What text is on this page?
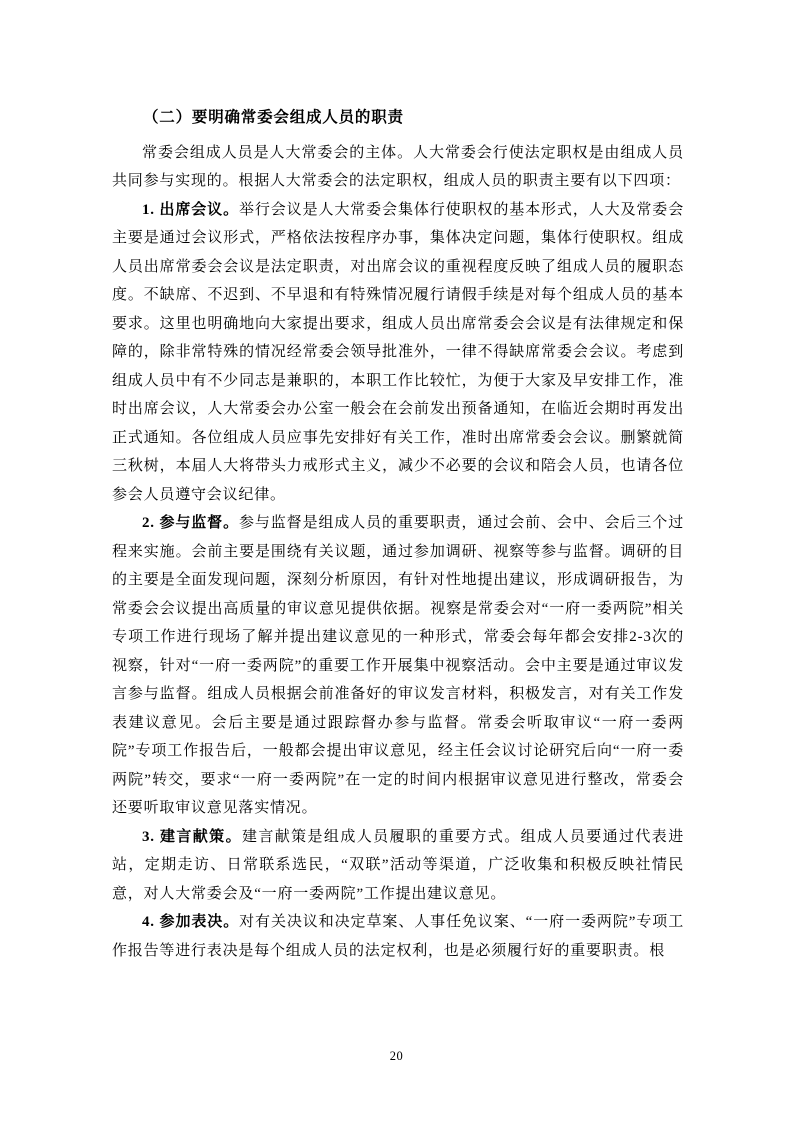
（二）要明确常委会组成人员的职责

常委会组成人员是人大常委会的主体。人大常委会行使法定职权是由组成人员共同参与实现的。根据人大常委会的法定职权，组成人员的职责主要有以下四项：

1. 出席会议。举行会议是人大常委会集体行使职权的基本形式，人大及常委会主要是通过会议形式，严格依法按程序办事，集体决定问题，集体行使职权。组成人员出席常委会会议是法定职责，对出席会议的重视程度反映了组成人员的履职态度。不缺席、不迟到、不早退和有特殊情况履行请假手续是对每个组成人员的基本要求。这里也明确地向大家提出要求，组成人员出席常委会会议是有法律规定和保障的，除非常特殊的情况经常委会领导批准外，一律不得缺席常委会会议。考虑到组成人员中有不少同志是兼职的，本职工作比较忙，为便于大家及早安排工作，准时出席会议，人大常委会办公室一般会在会前发出预备通知，在临近会期时再发出正式通知。各位组成人员应事先安排好有关工作，准时出席常委会会议。删繁就简三秋树，本届人大将带头力戒形式主义，减少不必要的会议和陪会人员，也请各位参会人员遵守会议纪律。

2. 参与监督。参与监督是组成人员的重要职责，通过会前、会中、会后三个过程来实施。会前主要是围绕有关议题，通过参加调研、视察等参与监督。调研的目的主要是全面发现问题，深刻分析原因，有针对性地提出建议，形成调研报告，为常委会会议提出高质量的审议意见提供依据。视察是常委会对“一府一委两院”相关专项工作进行现场了解并提出建议意见的一种形式，常委会每年都会安排2-3次的视察，针对“一府一委两院”的重要工作开展集中视察活动。会中主要是通过审议发言参与监督。组成人员根据会前准备好的审议发言材料，积极发言，对有关工作发表建议意见。会后主要是通过跟踪督办参与监督。常委会听取审议“一府一委两院”专项工作报告后，一般都会提出审议意见，经主任会议讨论研究后向“一府一委两院”转交，要求“一府一委两院”在一定的时间内根据审议意见进行整改，常委会还要听取审议意见落实情况。

3. 建言献策。建言献策是组成人员履职的重要方式。组成人员要通过代表进站，定期走访、日常联系选民，“双联”活动等渠道，广泛收集和积极反映社情民意，对人大常委会及“一府一委两院”工作提出建议意见。

4. 参加表决。对有关决议和决定草案、人事任免议案、“一府一委两院”专项工作报告等进行表决是每个组成人员的法定权利，也是必须履行好的重要职责。根

20
